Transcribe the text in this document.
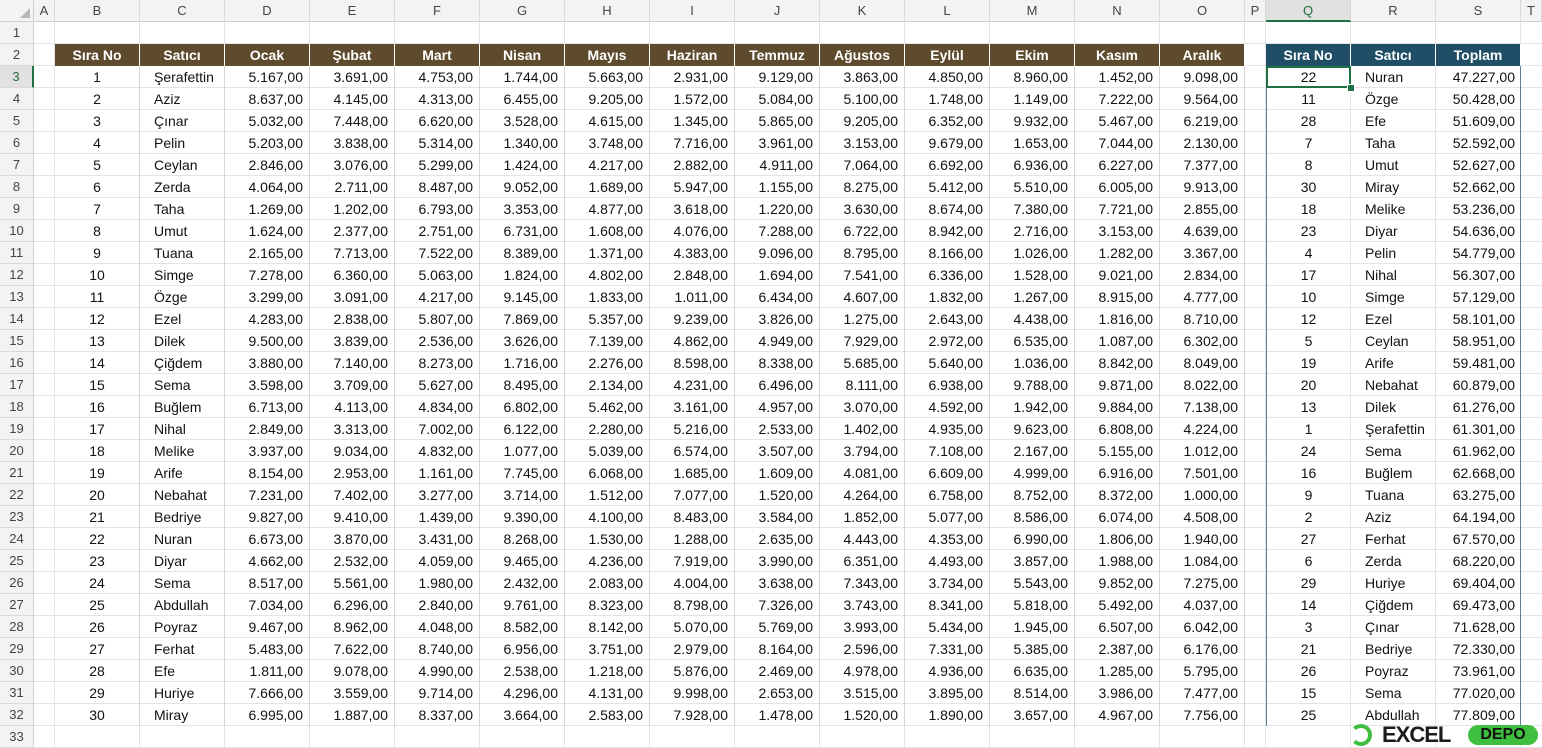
A	B	C	D	E	F	G	H	I	J	K	L	M	N	O	P	Q	R	S	T
1
2
3
4
5
6
7
8
9
10
11
12
13
14
15
16
17
18
19
20
21
22
23
24
25
26
27
28
29
30
31
32
33
Sıra No	Satıcı	Ocak	Şubat	Mart	Nisan	Mayıs	Haziran	Temmuz	Ağustos	Eylül	Ekim	Kasım	Aralık
1	Şerafettin	5.167,00	3.691,00	4.753,00	1.744,00	5.663,00	2.931,00	9.129,00	3.863,00	4.850,00	8.960,00	1.452,00	9.098,00
2	Aziz	8.637,00	4.145,00	4.313,00	6.455,00	9.205,00	1.572,00	5.084,00	5.100,00	1.748,00	1.149,00	7.222,00	9.564,00
3	Çınar	5.032,00	7.448,00	6.620,00	3.528,00	4.615,00	1.345,00	5.865,00	9.205,00	6.352,00	9.932,00	5.467,00	6.219,00
4	Pelin	5.203,00	3.838,00	5.314,00	1.340,00	3.748,00	7.716,00	3.961,00	3.153,00	9.679,00	1.653,00	7.044,00	2.130,00
5	Ceylan	2.846,00	3.076,00	5.299,00	1.424,00	4.217,00	2.882,00	4.911,00	7.064,00	6.692,00	6.936,00	6.227,00	7.377,00
6	Zerda	4.064,00	2.711,00	8.487,00	9.052,00	1.689,00	5.947,00	1.155,00	8.275,00	5.412,00	5.510,00	6.005,00	9.913,00
7	Taha	1.269,00	1.202,00	6.793,00	3.353,00	4.877,00	3.618,00	1.220,00	3.630,00	8.674,00	7.380,00	7.721,00	2.855,00
8	Umut	1.624,00	2.377,00	2.751,00	6.731,00	1.608,00	4.076,00	7.288,00	6.722,00	8.942,00	2.716,00	3.153,00	4.639,00
9	Tuana	2.165,00	7.713,00	7.522,00	8.389,00	1.371,00	4.383,00	9.096,00	8.795,00	8.166,00	1.026,00	1.282,00	3.367,00
10	Simge	7.278,00	6.360,00	5.063,00	1.824,00	4.802,00	2.848,00	1.694,00	7.541,00	6.336,00	1.528,00	9.021,00	2.834,00
11	Özge	3.299,00	3.091,00	4.217,00	9.145,00	1.833,00	1.011,00	6.434,00	4.607,00	1.832,00	1.267,00	8.915,00	4.777,00
12	Ezel	4.283,00	2.838,00	5.807,00	7.869,00	5.357,00	9.239,00	3.826,00	1.275,00	2.643,00	4.438,00	1.816,00	8.710,00
13	Dilek	9.500,00	3.839,00	2.536,00	3.626,00	7.139,00	4.862,00	4.949,00	7.929,00	2.972,00	6.535,00	1.087,00	6.302,00
14	Çiğdem	3.880,00	7.140,00	8.273,00	1.716,00	2.276,00	8.598,00	8.338,00	5.685,00	5.640,00	1.036,00	8.842,00	8.049,00
15	Sema	3.598,00	3.709,00	5.627,00	8.495,00	2.134,00	4.231,00	6.496,00	8.111,00	6.938,00	9.788,00	9.871,00	8.022,00
16	Buğlem	6.713,00	4.113,00	4.834,00	6.802,00	5.462,00	3.161,00	4.957,00	3.070,00	4.592,00	1.942,00	9.884,00	7.138,00
17	Nihal	2.849,00	3.313,00	7.002,00	6.122,00	2.280,00	5.216,00	2.533,00	1.402,00	4.935,00	9.623,00	6.808,00	4.224,00
18	Melike	3.937,00	9.034,00	4.832,00	1.077,00	5.039,00	6.574,00	3.507,00	3.794,00	7.108,00	2.167,00	5.155,00	1.012,00
19	Arife	8.154,00	2.953,00	1.161,00	7.745,00	6.068,00	1.685,00	1.609,00	4.081,00	6.609,00	4.999,00	6.916,00	7.501,00
20	Nebahat	7.231,00	7.402,00	3.277,00	3.714,00	1.512,00	7.077,00	1.520,00	4.264,00	6.758,00	8.752,00	8.372,00	1.000,00
21	Bedriye	9.827,00	9.410,00	1.439,00	9.390,00	4.100,00	8.483,00	3.584,00	1.852,00	5.077,00	8.586,00	6.074,00	4.508,00
22	Nuran	6.673,00	3.870,00	3.431,00	8.268,00	1.530,00	1.288,00	2.635,00	4.443,00	4.353,00	6.990,00	1.806,00	1.940,00
23	Diyar	4.662,00	2.532,00	4.059,00	9.465,00	4.236,00	7.919,00	3.990,00	6.351,00	4.493,00	3.857,00	1.988,00	1.084,00
24	Sema	8.517,00	5.561,00	1.980,00	2.432,00	2.083,00	4.004,00	3.638,00	7.343,00	3.734,00	5.543,00	9.852,00	7.275,00
25	Abdullah	7.034,00	6.296,00	2.840,00	9.761,00	8.323,00	8.798,00	7.326,00	3.743,00	8.341,00	5.818,00	5.492,00	4.037,00
26	Poyraz	9.467,00	8.962,00	4.048,00	8.582,00	8.142,00	5.070,00	5.769,00	3.993,00	5.434,00	1.945,00	6.507,00	6.042,00
27	Ferhat	5.483,00	7.622,00	8.740,00	6.956,00	3.751,00	2.979,00	8.164,00	2.596,00	7.331,00	5.385,00	2.387,00	6.176,00
28	Efe	1.811,00	9.078,00	4.990,00	2.538,00	1.218,00	5.876,00	2.469,00	4.978,00	4.936,00	6.635,00	1.285,00	5.795,00
29	Huriye	7.666,00	3.559,00	9.714,00	4.296,00	4.131,00	9.998,00	2.653,00	3.515,00	3.895,00	8.514,00	3.986,00	7.477,00
30	Miray	6.995,00	1.887,00	8.337,00	3.664,00	2.583,00	7.928,00	1.478,00	1.520,00	1.890,00	3.657,00	4.967,00	7.756,00
Sıra No	Satıcı	Toplam
22	Nuran	47.227,00
11	Özge	50.428,00
28	Efe	51.609,00
7	Taha	52.592,00
8	Umut	52.627,00
30	Miray	52.662,00
18	Melike	53.236,00
23	Diyar	54.636,00
4	Pelin	54.779,00
17	Nihal	56.307,00
10	Simge	57.129,00
12	Ezel	58.101,00
5	Ceylan	58.951,00
19	Arife	59.481,00
20	Nebahat	60.879,00
13	Dilek	61.276,00
1	Şerafettin	61.301,00
24	Sema	61.962,00
16	Buğlem	62.668,00
9	Tuana	63.275,00
2	Aziz	64.194,00
27	Ferhat	67.570,00
6	Zerda	68.220,00
29	Huriye	69.404,00
14	Çiğdem	69.473,00
3	Çınar	71.628,00
21	Bedriye	72.330,00
26	Poyraz	73.961,00
15	Sema	77.020,00
25	Abdullah	77.809,00
EXCEL	DEPO
